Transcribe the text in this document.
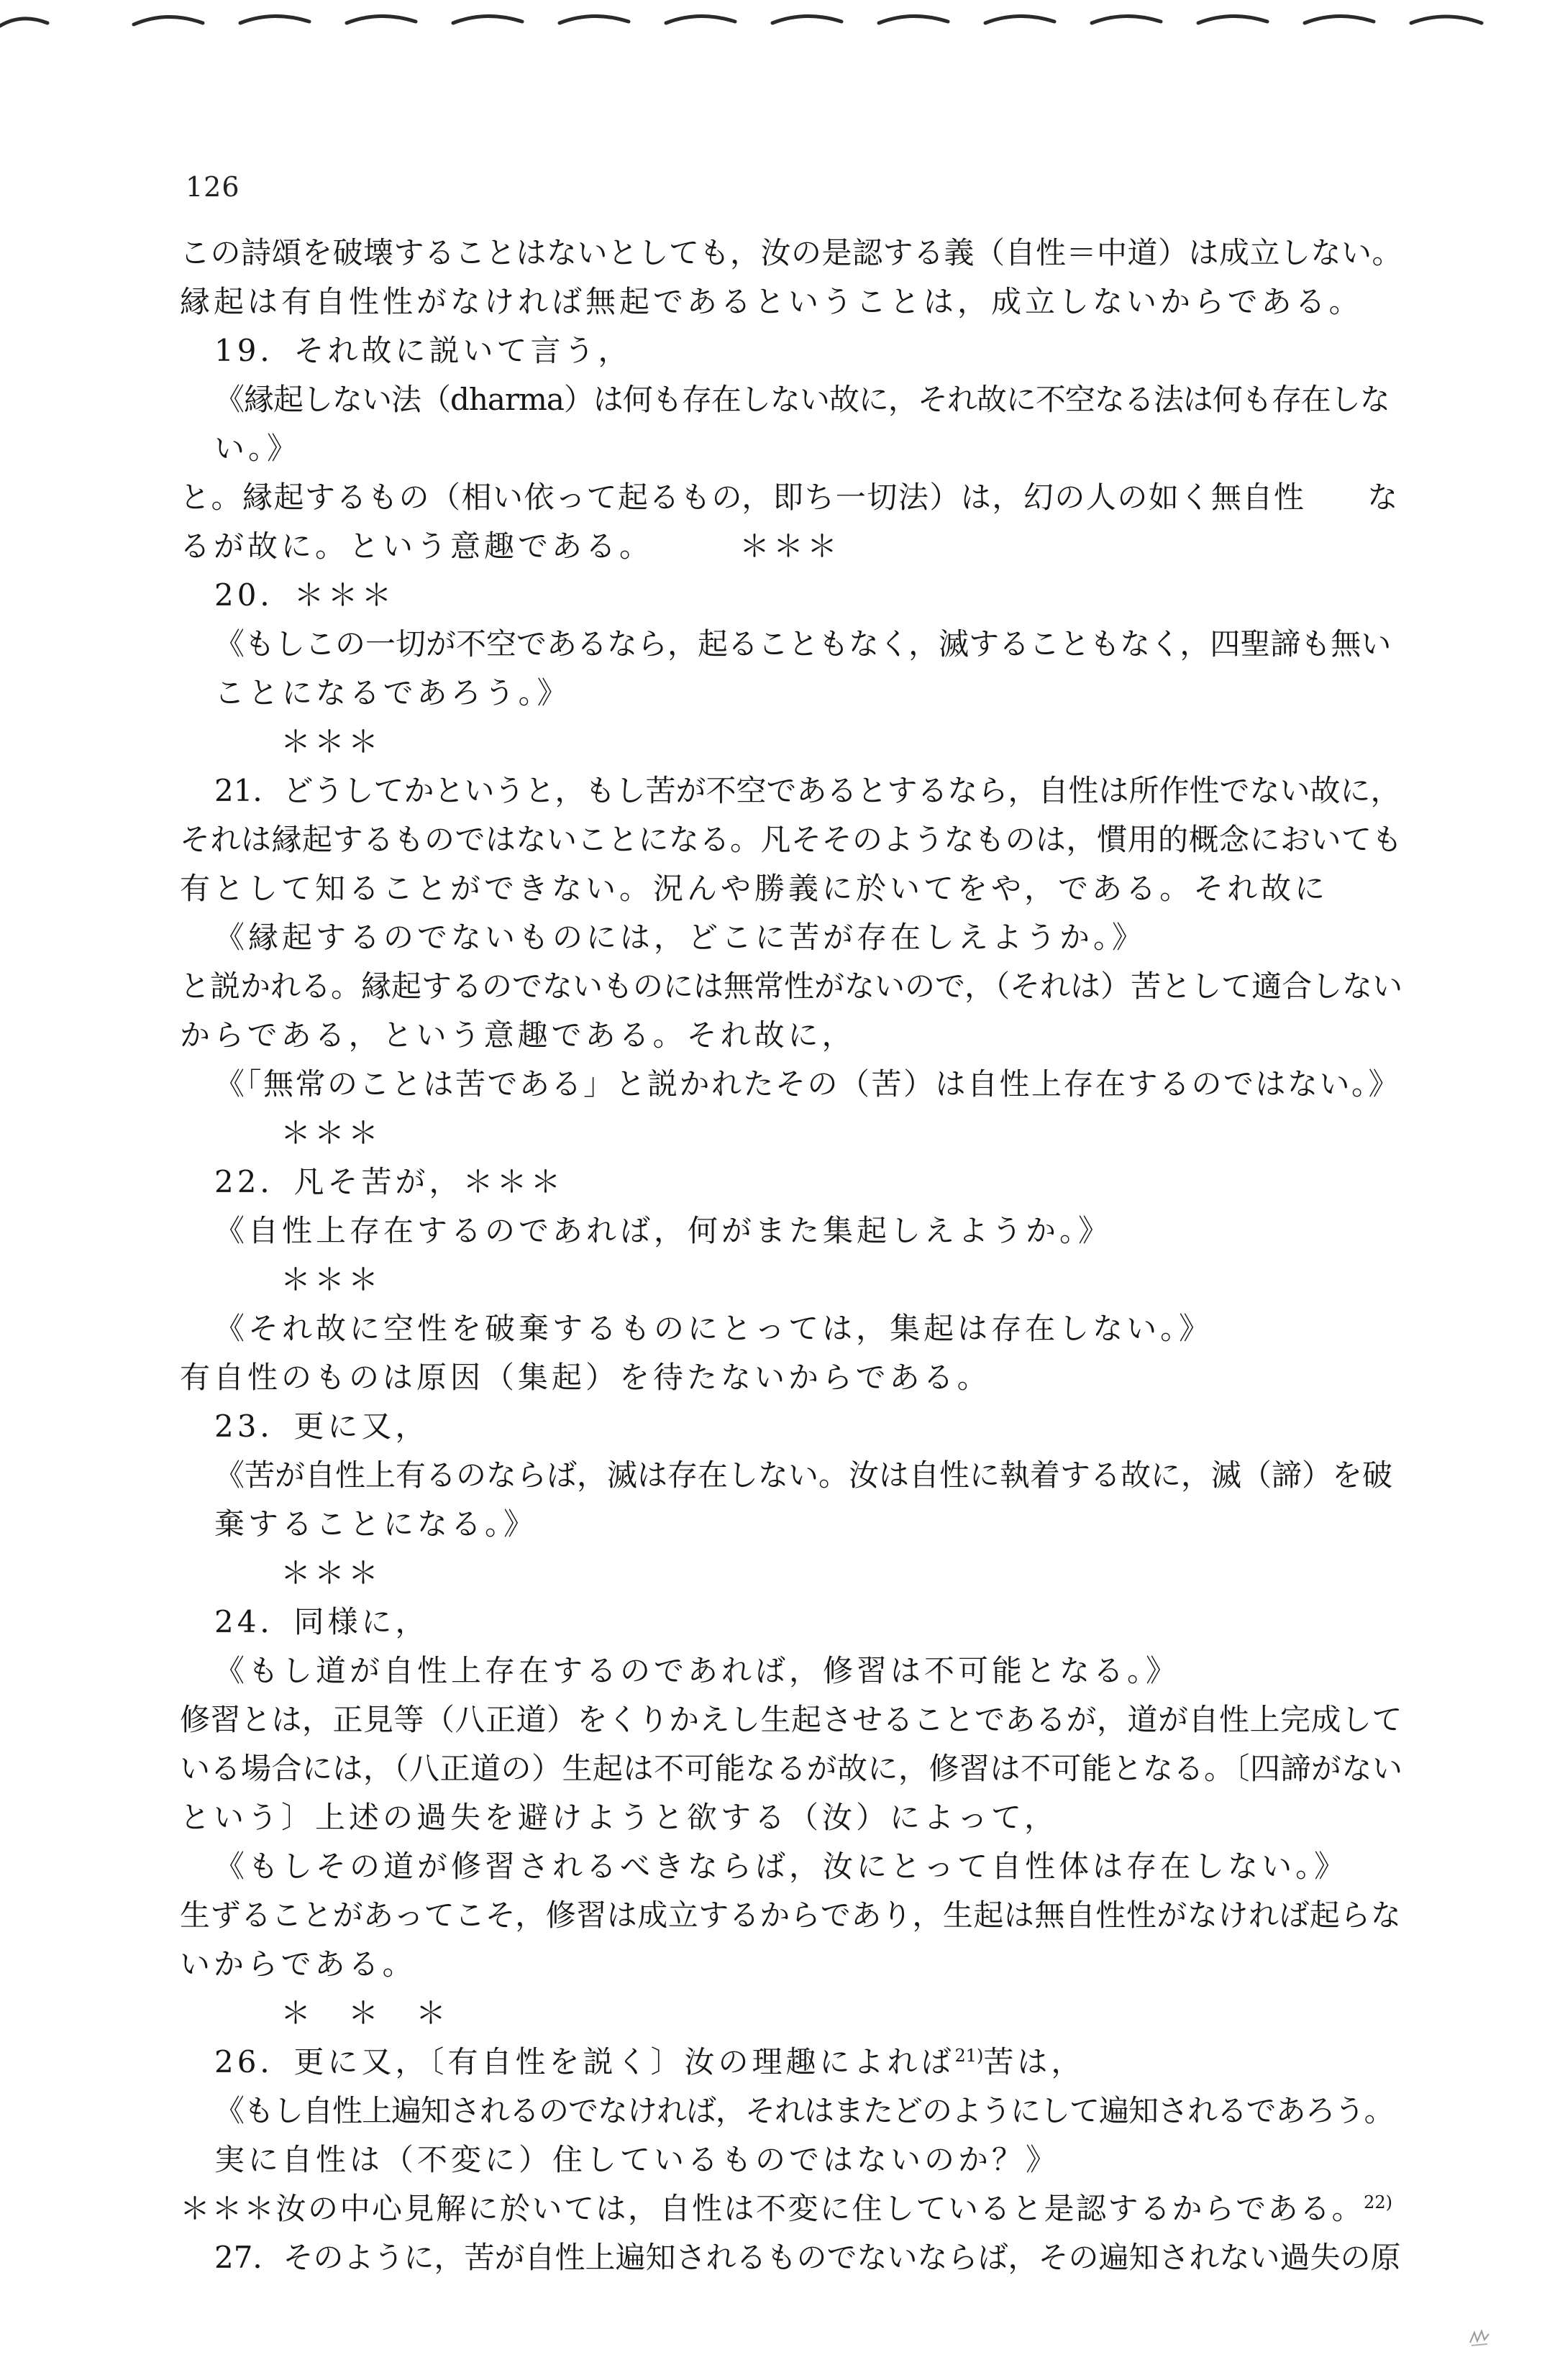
126
この詩頌を破壊することはないとしても，汝の是認する義（自性＝中道）は成立しない。
縁起は有自性性がなければ無起であるということは，成立しないからである。
19．それ故に説いて言う，
《縁起しない法（dharma）は何も存在しない故に，それ故に不空なる法は何も存在しな
い。》
と。縁起するもの（相い依って起るもの，即ち一切法）は，幻の人の如く無自性　　な
るが故に。という意趣である。　　　＊＊＊
20．＊＊＊
《もしこの一切が不空であるなら，起ることもなく，滅することもなく，四聖諦も無い
ことになるであろう。》
＊＊＊
21．どうしてかというと，もし苦が不空であるとするなら，自性は所作性でない故に，
それは縁起するものではないことになる。凡そそのようなものは，慣用的概念においても
有として知ることができない。況んや勝義に於いてをや，である。それ故に
《縁起するのでないものには，どこに苦が存在しえようか。》
と説かれる。縁起するのでないものには無常性がないので，（それは）苦として適合しない
からである，という意趣である。それ故に，
《「無常のことは苦である」と説かれたその（苦）は自性上存在するのではない。》
＊＊＊
22．凡そ苦が，＊＊＊
《自性上存在するのであれば，何がまた集起しえようか。》
＊＊＊
《それ故に空性を破棄するものにとっては，集起は存在しない。》
有自性のものは原因（集起）を待たないからである。
23．更に又，
《苦が自性上有るのならば，滅は存在しない。汝は自性に執着する故に，滅（諦）を破
棄することになる。》
＊＊＊
24．同様に，
《もし道が自性上存在するのであれば，修習は不可能となる。》
修習とは，正見等（八正道）をくりかえし生起させることであるが，道が自性上完成して
いる場合には，（八正道の）生起は不可能なるが故に，修習は不可能となる。〔四諦がない
という〕上述の過失を避けようと欲する（汝）によって，
《もしその道が修習されるべきならば，汝にとって自性体は存在しない。》
生ずることがあってこそ，修習は成立するからであり，生起は無自性性がなければ起らな
いからである。
＊　＊　＊
26．更に又，〔有自性を説く〕汝の理趣によれば$^{21)}$苦は，
《もし自性上遍知されるのでなければ，それはまたどのようにして遍知されるであろう。
実に自性は（不変に）住しているものではないのか？》
＊＊＊汝の中心見解に於いては，自性は不変に住していると是認するからである。$^{22)}$
27．そのように，苦が自性上遍知されるものでないならば，その遍知されない過失の原
